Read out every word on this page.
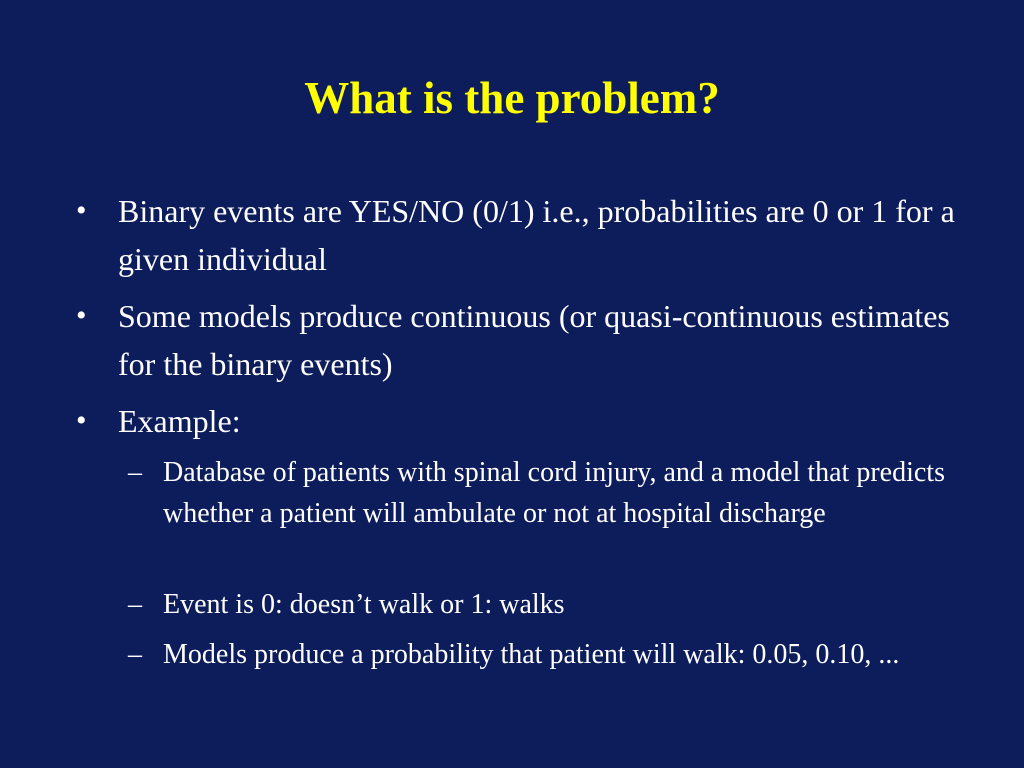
What is the problem?
• Binary events are YES/NO (0/1) i.e., probabilities are 0 or 1 for a given individual
• Some models produce continuous (or quasi-continuous estimates for the binary events)
• Example:
– Database of patients with spinal cord injury, and a model that predicts whether a patient will ambulate or not at hospital discharge
– Event is 0: doesn’t walk or 1: walks
– Models produce a probability that patient will walk: 0.05, 0.10, ...
